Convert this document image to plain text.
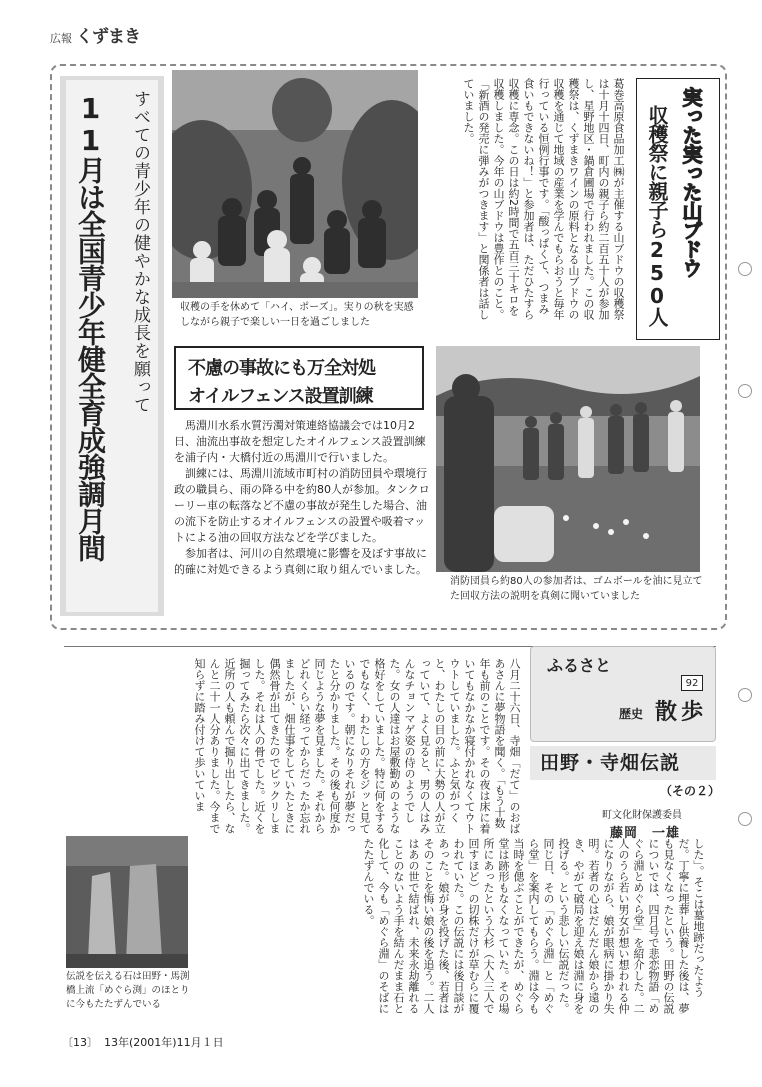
広報 くずまき
すべての青少年の健やかな成長を願って
11月は全国青少年健全育成強調月間	収穫の手を休めて「ハイ、ポーズ」。実りの秋を実感しながら親子で楽しい一日を過ごしました
葛巻高原食品加工㈱が主催する山ブドウの収穫祭は十月十四日、町内の親子ら約二百五十人が参加し、星野地区・鍋倉圃場で行われました。この収穫祭は、くずまきワインの原料となる山ブドウの収穫を通じて地域の産業を学んでもらおうと毎年行っている恒例行事です。「酸っぱくて、つまみ食いもできないね！」と参加者は、ただひたすら収穫に専念。この日は約2時間で五百三十キロを収穫しました。今年の山ブドウは豊作とのこと。「新酒の発売に弾みがつきます」と関係者は話していました。	実った実った山ブドウ
収穫祭に親子ら250人
不慮の事故にも万全対処
オイルフェンス設置訓練
馬淵川水系水質汚濁対策連絡協議会では10月2日、油流出事故を想定したオイルフェンス設置訓練を浦子内・大橋付近の馬淵川で行いました。
訓練には、馬淵川流域市町村の消防団員や環境行政の職員ら、雨の降る中を約80人が参加。タンクローリー車の転落など不慮の事故が発生した場合、油の流下を防止するオイルフェンスの設置や吸着マットによる油の回収方法などを学びました。
参加者は、河川の自然環境に影響を及ぼす事故に的確に対処できるよう真剣に取り組んでいました。
消防団員ら約80人の参加者は、ゴムボールを油に見立てた回収方法の説明を真剣に聞いていました
ふるさと
92
歴史 散歩
田野・寺畑伝説
（その２）
町文化財保護委員
藤岡　一雄
八月二十六日、寺畑「だて」のおばあさんに夢物語を聞く。「もう十数年も前のことです。その夜は床に着いてもなかなか寝付かれなくてウトウトしていました。ふと気がつくと、わたしの目の前に大勢の人が立っていて、よく見ると、男の人はみんなチョンマゲ姿の侍のようでした。女の人達はお屋敷勤めのような格好をしていました。特に何をするでもなく、わたしの方をジッと見ているのです。朝になりそれが夢だったと分かりました。その後も何度か同じような夢を見ました。それからどれくらい経ってからだったか忘れましたが、畑仕事をしていたときに偶然骨が出てきたのでビックリしました。それは人の骨でした。近くを掘ってみたら次々に出てきました。近所の人も頼んで掘り出したら、なんと二十一人分ありました。今まで知らずに踏み付けて歩いていま
した」。そこは墓地跡だったようだ。丁寧に埋葬し供養した後は、夢も見なくなったという。田野の伝説についでは、四月号で悲恋物語「めぐら淵とめぐら堂」を紹介した。二人のうら若い男女が想い想われる仲になりながら、娘が眼病に掛かり失明。若者の心はだんだん娘から遠のき、やがて破局を迎え娘は淵に身を投げる。という悲しい伝説だった。同じ日、その「めぐら淵」と「めぐら堂」を案内してもらう。淵は今も当時を偲ぶことができたが、めぐら堂は跡形もなくなっていた。その場所にあったという大杉（大人三人で回すほど）の切株だけが草むらに覆われていた。この伝説には後日談があった。娘が身を投げた後、若者はそのことを悔い娘の後を追う。二人はあの世で結ばれ、未来永劫離れることのないよう手を結んだまま石と化して、今も「めぐら淵」のそばにたたずんでいる。
伝説を伝える石は田野・馬渕橋上流「めぐら渕」のほとりに今もたたずんでいる
〔13〕 13年(2001年)11月１日
